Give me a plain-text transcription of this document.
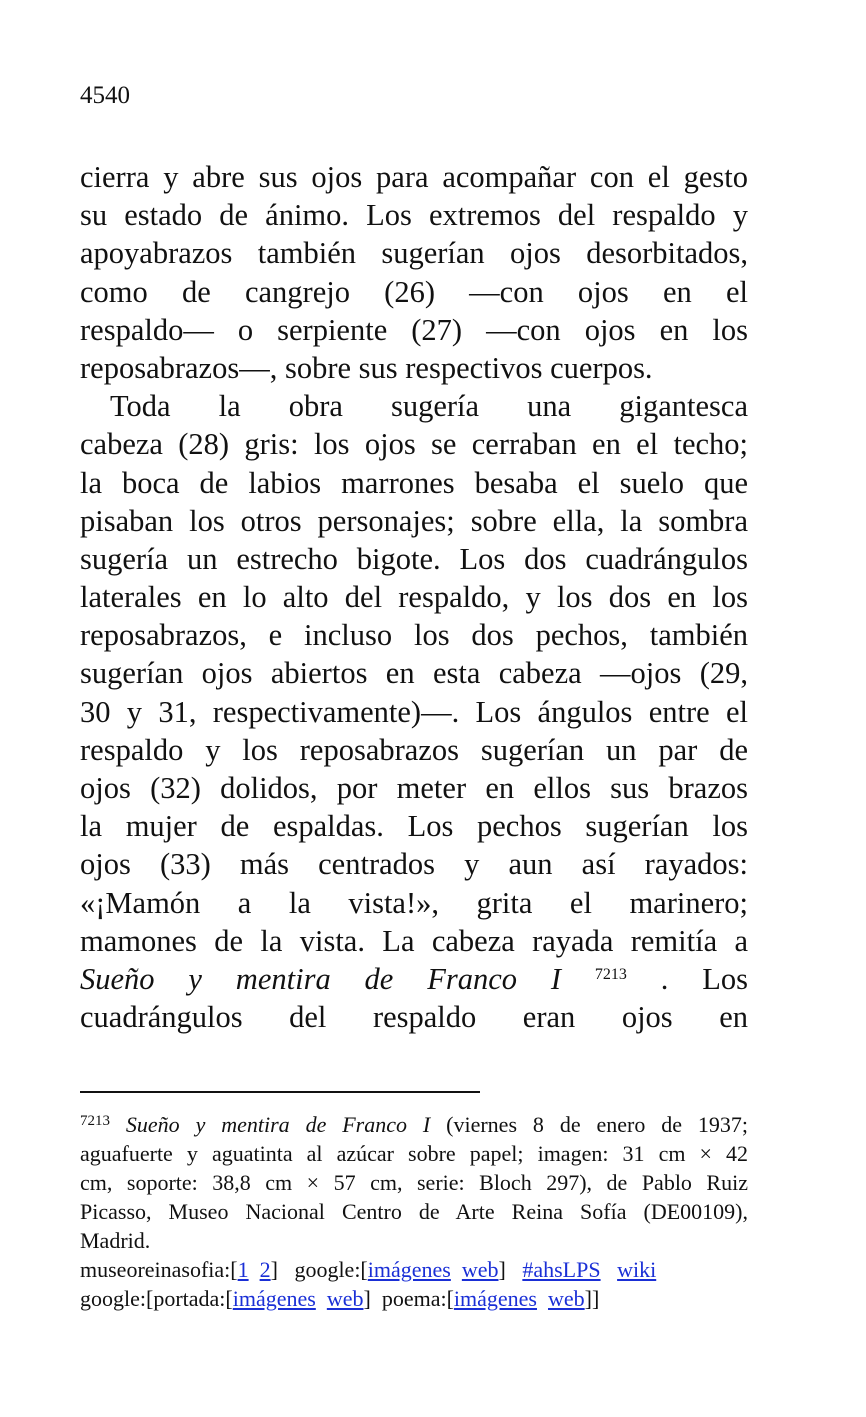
4540
cierra y abre sus ojos para acompañar con el gesto
su estado de ánimo. Los extremos del respaldo y
apoyabrazos también sugerían ojos desorbitados,
como de cangrejo (26) —con ojos en el
respaldo— o serpiente (27) —con ojos en los
reposabrazos—, sobre sus respectivos cuerpos.
Toda la obra sugería una gigantesca
cabeza (28) gris: los ojos se cerraban en el techo;
la boca de labios marrones besaba el suelo que
pisaban los otros personajes; sobre ella, la sombra
sugería un estrecho bigote. Los dos cuadrángulos
laterales en lo alto del respaldo, y los dos en los
reposabrazos, e incluso los dos pechos, también
sugerían ojos abiertos en esta cabeza —ojos (29,
30 y 31, respectivamente)—. Los ángulos entre el
respaldo y los reposabrazos sugerían un par de
ojos (32) dolidos, por meter en ellos sus brazos
la mujer de espaldas. Los pechos sugerían los
ojos (33) más centrados y aun así rayados:
«¡Mamón a la vista!», grita el marinero;
mamones de la vista. La cabeza rayada remitía a
Sueño y mentira de Franco I $^{7213}$ . Los
cuadrángulos del respaldo eran ojos en
$^{7213}$ Sueño y mentira de Franco I (viernes 8 de enero de 1937;
aguafuerte y aguatinta al azúcar sobre papel; imagen: 31 cm × 42
cm, soporte: 38,8 cm × 57 cm, serie: Bloch 297), de Pablo Ruiz
Picasso, Museo Nacional Centro de Arte Reina Sofía (DE00109),
Madrid.
museoreinasofia:[1 2] google:[imágenes web] #ahsLPS wiki
google:[portada:[imágenes web] poema:[imágenes web]]
